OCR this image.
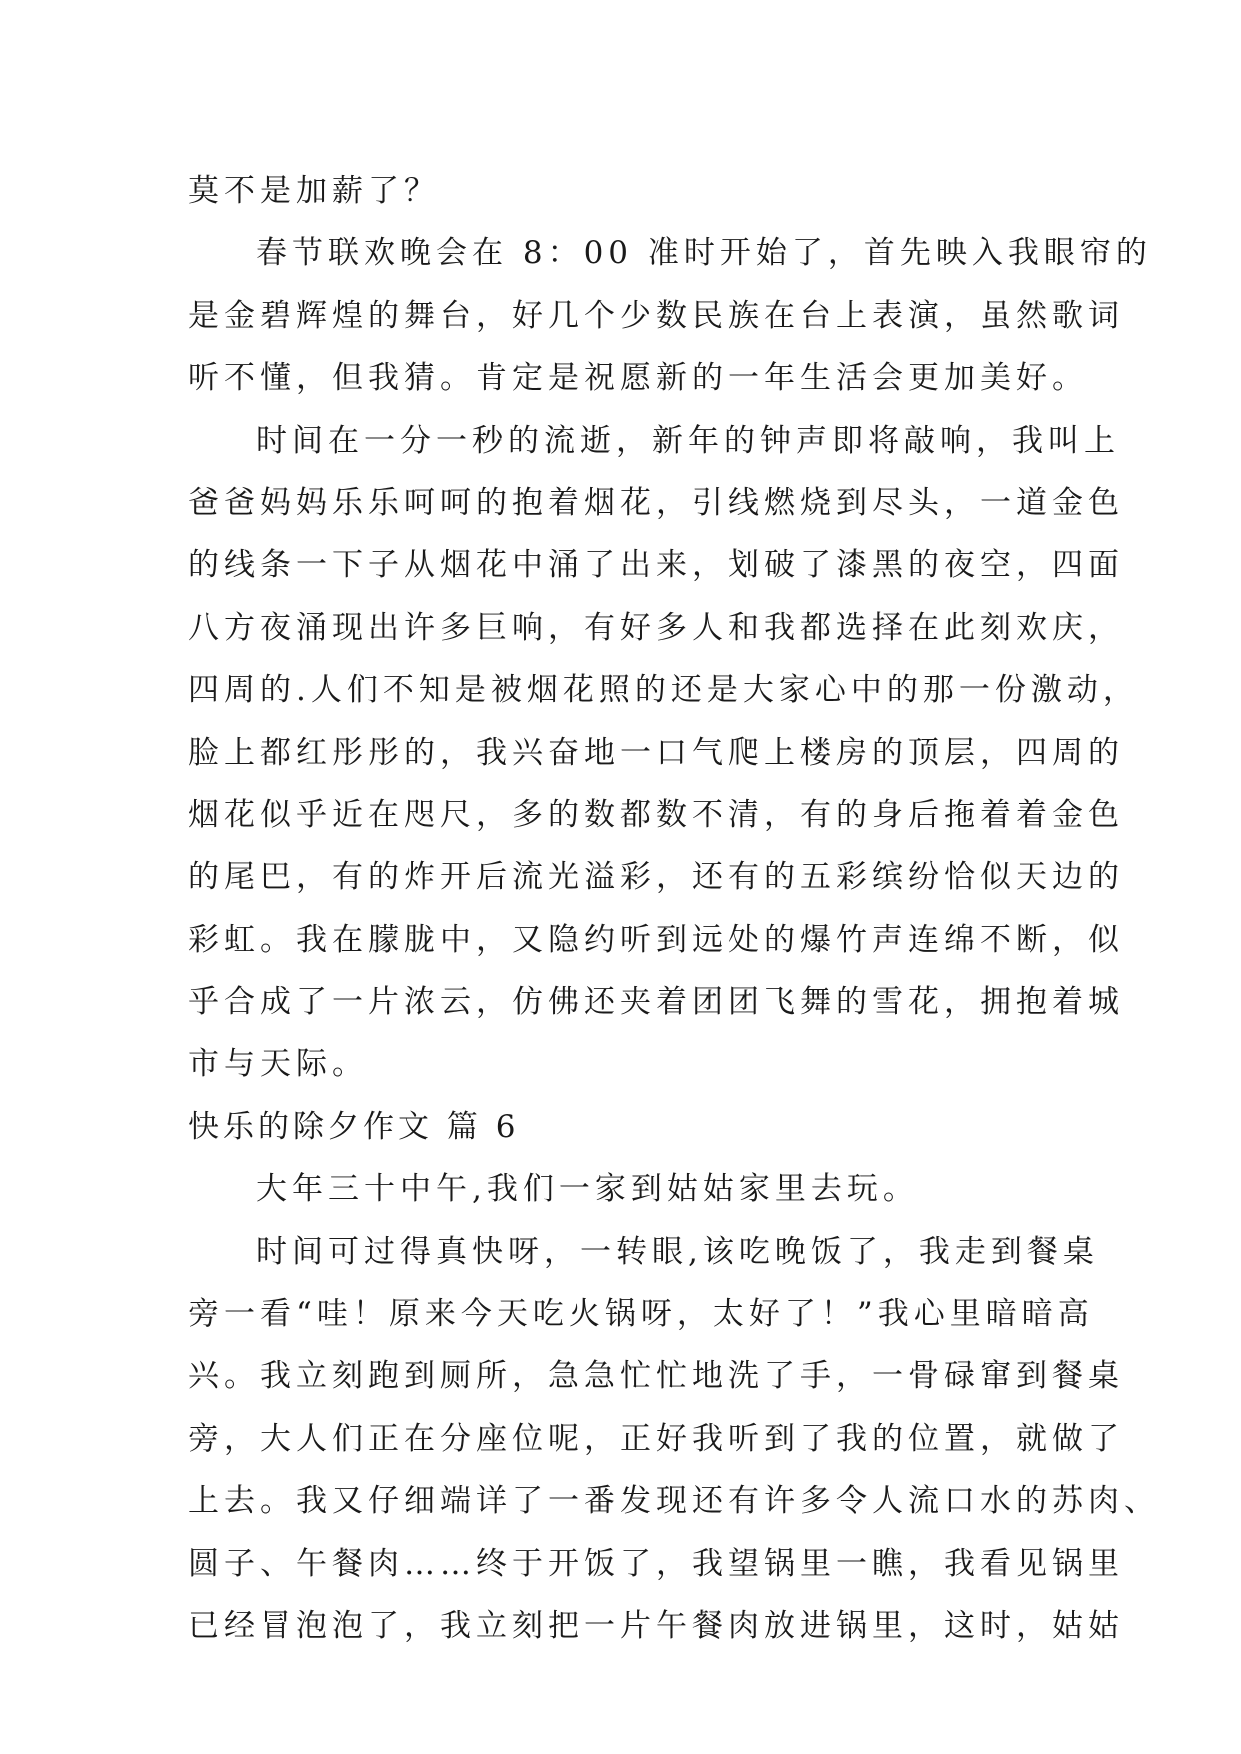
莫不是加薪了？
春节联欢晚会在 8：00 准时开始了，首先映入我眼帘的
是金碧辉煌的舞台，好几个少数民族在台上表演，虽然歌词
听不懂，但我猜。肯定是祝愿新的一年生活会更加美好。
时间在一分一秒的流逝，新年的钟声即将敲响，我叫上
爸爸妈妈乐乐呵呵的抱着烟花，引线燃烧到尽头，一道金色
的线条一下子从烟花中涌了出来，划破了漆黑的夜空，四面
八方夜涌现出许多巨响，有好多人和我都选择在此刻欢庆，
四周的.人们不知是被烟花照的还是大家心中的那一份激动，
脸上都红彤彤的，我兴奋地一口气爬上楼房的顶层，四周的
烟花似乎近在咫尺，多的数都数不清，有的身后拖着着金色
的尾巴，有的炸开后流光溢彩，还有的五彩缤纷恰似天边的
彩虹。我在朦胧中，又隐约听到远处的爆竹声连绵不断，似
乎合成了一片浓云，仿佛还夹着团团飞舞的雪花，拥抱着城
市与天际。
快乐的除夕作文 篇 6
大年三十中午,我们一家到姑姑家里去玩。
时间可过得真快呀，一转眼,该吃晚饭了，我走到餐桌
旁一看“哇！原来今天吃火锅呀，太好了！”我心里暗暗高
兴。我立刻跑到厕所，急急忙忙地洗了手，一骨碌窜到餐桌
旁，大人们正在分座位呢，正好我听到了我的位置，就做了
上去。我又仔细端详了一番发现还有许多令人流口水的苏肉、
圆子、午餐肉……终于开饭了，我望锅里一瞧，我看见锅里
已经冒泡泡了，我立刻把一片午餐肉放进锅里，这时，姑姑
